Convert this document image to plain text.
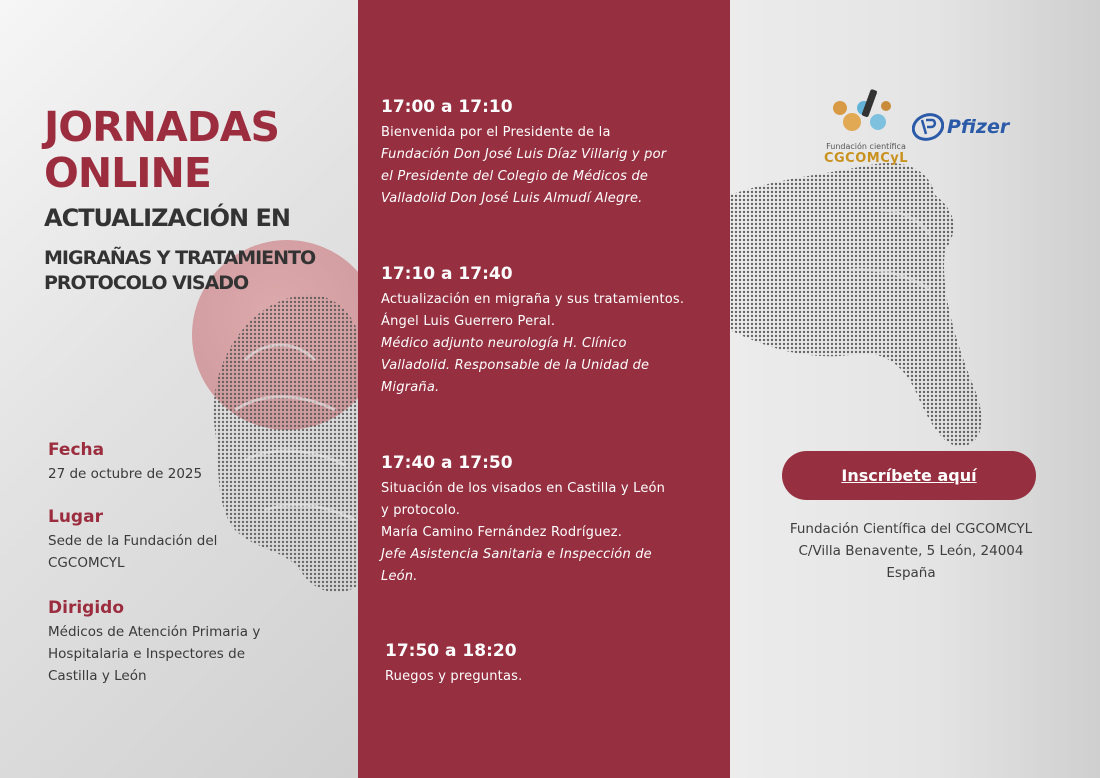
JORNADAS
ONLINE
ACTUALIZACIÓN EN
MIGRAÑAS Y TRATAMIENTO
PROTOCOLO VISADO
Fecha
27 de octubre de 2025
Lugar
Sede de la Fundación del
CGCOMCYL
Dirigido
Médicos de Atención Primaria y
Hospitalaria e Inspectores de
Castilla y León
17:00 a 17:10
Bienvenida por el Presidente de la
Fundación Don José Luis Díaz Villarig y por
el Presidente del Colegio de Médicos de
Valladolid Don José Luis Almudí Alegre.
17:10 a 17:40
Actualización en migraña y sus tratamientos.
Ángel Luis Guerrero Peral.
Médico adjunto neurología H. Clínico
Valladolid. Responsable de la Unidad de
Migraña.
17:40 a 17:50
Situación de los visados en Castilla y León
y protocolo.
María Camino Fernández Rodríguez.
Jefe Asistencia Sanitaria e Inspección de
León.
17:50 a 18:20
Ruegos y preguntas.
Fundación científica
CGCOMCyL
Pfizer
Inscríbete aquí
Fundación Científica del CGCOMCYL
C/Villa Benavente, 5 León, 24004
España
